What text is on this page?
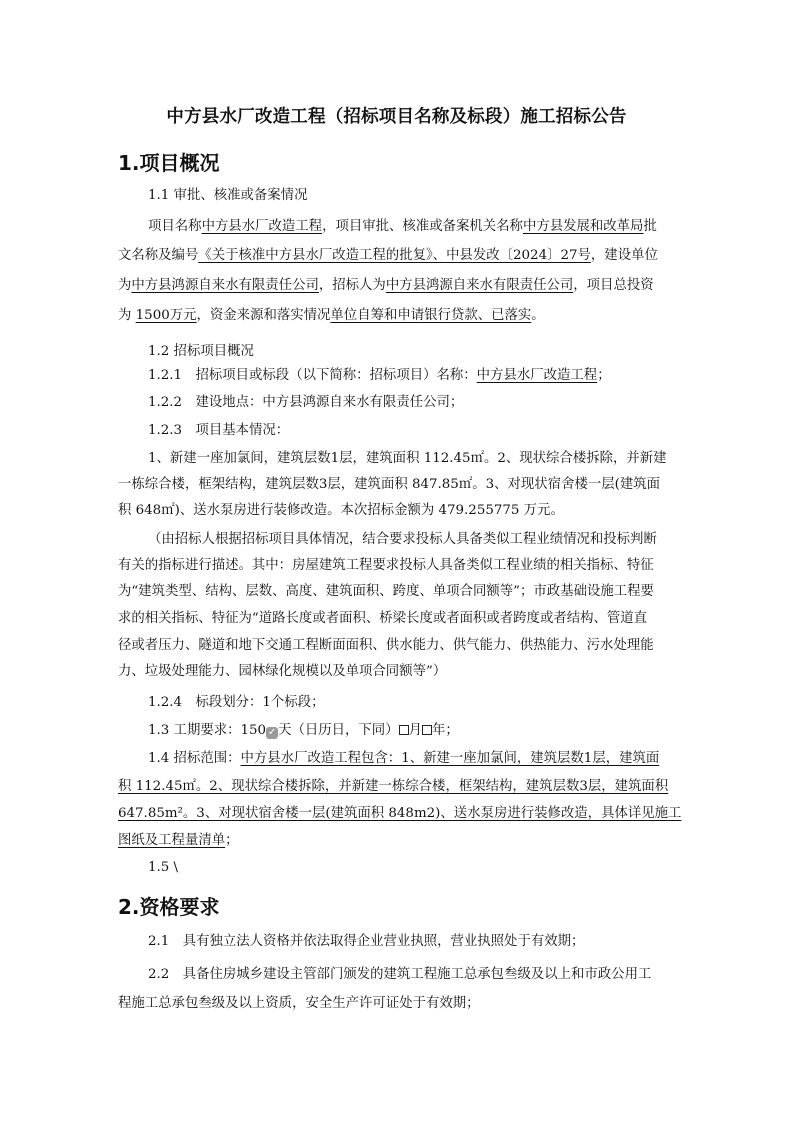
中方县水厂改造工程（招标项目名称及标段）施工招标公告
1.项目概况
1.1 审批、核准或备案情况
项目名称中方县水厂改造工程，项目审批、核准或备案机关名称中方县发展和改革局批
文名称及编号《关于核准中方县水厂改造工程的批复》、中县发改〔2024〕27号，建设单位
为中方县鸿源自来水有限责任公司，招标人为中方县鸿源自来水有限责任公司，项目总投资
为 1500万元，资金来源和落实情况单位自筹和申请银行贷款、已落实。
1.2 招标项目概况
1.2.1　招标项目或标段（以下简称：招标项目）名称：中方县水厂改造工程；
1.2.2　建设地点：中方县鸿源自来水有限责任公司；
1.2.3　项目基本情况：
1、新建一座加氯间，建筑层数1层，建筑面积 112.45㎡。2、现状综合楼拆除，并新建
一栋综合楼，框架结构，建筑层数3层，建筑面积 847.85㎡。3、对现状宿舍楼一层(建筑面
积 648㎡)、送水泵房进行装修改造。本次招标金额为 479.255775 万元。
（由招标人根据招标项目具体情况，结合要求投标人具备类似工程业绩情况和投标判断
有关的指标进行描述。其中：房屋建筑工程要求投标人具备类似工程业绩的相关指标、特征
为“建筑类型、结构、层数、高度、建筑面积、跨度、单项合同额等”；市政基础设施工程要
求的相关指标、特征为“道路长度或者面积、桥梁长度或者面积或者跨度或者结构、管道直
径或者压力、隧道和地下交通工程断面面积、供水能力、供气能力、供热能力、污水处理能
力、垃圾处理能力、园林绿化规模以及单项合同额等”）
1.2.4　标段划分：1个标段；
1.3 工期要求：150 ✓ 天（日历日，下同） 月 年；
1.4 招标范围：中方县水厂改造工程包含：1、新建一座加氯间，建筑层数1层，建筑面
积 112.45㎡。2、现状综合楼拆除，并新建一栋综合楼，框架结构，建筑层数3层，建筑面积
647.85m²。3、对现状宿舍楼一层(建筑面积 848m2)、送水泵房进行装修改造，具体详见施工
图纸及工程量清单；
1.5 \
2.资格要求
2.1　具有独立法人资格并依法取得企业营业执照，营业执照处于有效期；
2.2　具备住房城乡建设主管部门颁发的建筑工程施工总承包叁级及以上和市政公用工
程施工总承包叁级及以上资质，安全生产许可证处于有效期；
